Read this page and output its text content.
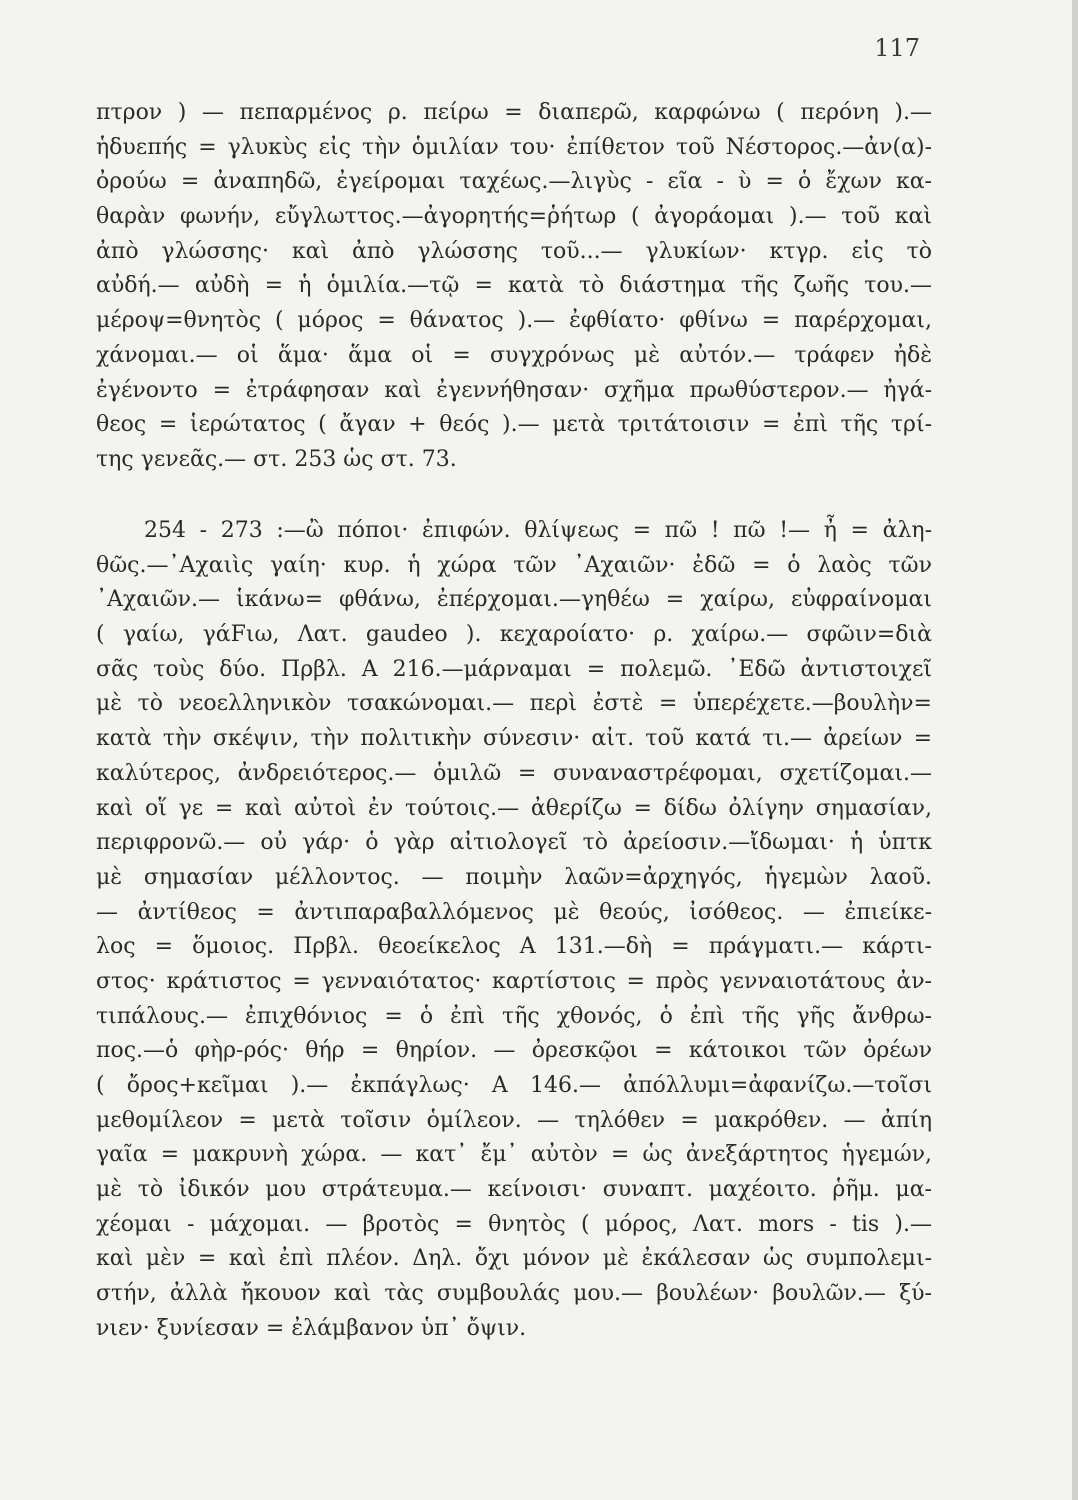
117
πτρον ) — πεπαρμένος ρ. πείρω = διαπερῶ, καρφώνω ( περόνη ).—
ἡδυεπής = γλυκὺς εἰς τὴν ὁμιλίαν του· ἐπίθετον τοῦ Νέστορος.—ἀν(α)-
ὀρούω = ἀναπηδῶ, ἐγείρομαι ταχέως.—λιγὺς - εῖα - ὺ = ὁ ἔχων κα-
θαρὰν φωνήν, εὔγλωττος.—ἀγορητής=ῥήτωρ ( ἀγοράομαι ).— τοῦ καὶ
ἀπὸ γλώσσης· καὶ ἀπὸ γλώσσης τοῦ...— γλυκίων· κτγρ. εἰς τὸ
αὐδή.— αὐδὴ = ἡ ὁμιλία.—τῷ = κατὰ τὸ διάστημα τῆς ζωῆς του.—
μέροψ=θνητὸς ( μόρος = θάνατος ).— ἐφθίατο· φθίνω = παρέρχομαι,
χάνομαι.— οἱ ἅμα· ἅμα οἱ = συγχρόνως μὲ αὐτόν.— τράφεν ἠδὲ
ἐγένοντο = ἐτράφησαν καὶ ἐγεννήθησαν· σχῆμα πρωθύστερον.— ἠγά-
θεος = ἱερώτατος ( ἄγαν + θεός ).— μετὰ τριτάτοισιν = ἐπὶ τῆς τρί-
της γενεᾶς.— στ. 253 ὡς στ. 73.
254 - 273 :—ὢ πόποι· ἐπιφών. θλίψεως = πῶ ! πῶ !— ἦ = ἀλη-
θῶς.—᾿Αχαιὶς γαίη· κυρ. ἡ χώρα τῶν ᾿Αχαιῶν· ἐδῶ = ὁ λαὸς τῶν
᾿Αχαιῶν.— ἱκάνω= φθάνω, ἐπέρχομαι.—γηθέω = χαίρω, εὐφραίνομαι
( γαίω, γάFιω, Λατ. gaudeo ). κεχαροίατο· ρ. χαίρω.— σφῶιν=διὰ
σᾶς τοὺς δύο. Πρβλ. Α 216.—μάρναμαι = πολεμῶ. ᾿Εδῶ ἀντιστοιχεῖ
μὲ τὸ νεοελληνικὸν τσακώνομαι.— περὶ ἐστὲ = ὑπερέχετε.—βουλὴν=
κατὰ τὴν σκέψιν, τὴν πολιτικὴν σύνεσιν· αἰτ. τοῦ κατά τι.— ἀρείων =
καλύτερος, ἀνδρειότερος.— ὁμιλῶ = συναναστρέφομαι, σχετίζομαι.—
καὶ οἵ γε = καὶ αὐτοὶ ἐν τούτοις.— ἀθερίζω = δίδω ὀλίγην σημασίαν,
περιφρονῶ.— οὐ γάρ· ὁ γὰρ αἰτιολογεῖ τὸ ἀρείοσιν.—ἴδωμαι· ἡ ὑπτκ
μὲ σημασίαν μέλλοντος. — ποιμὴν λαῶν=ἀρχηγός, ἡγεμὼν λαοῦ.
— ἀντίθεος = ἀντιπαραβαλλόμενος μὲ θεούς, ἰσόθεος. — ἐπιείκε-
λος = ὅμοιος. Πρβλ. θεοείκελος Α 131.—δὴ = πράγματι.— κάρτι-
στος· κράτιστος = γενναιότατος· καρτίστοις = πρὸς γενναιοτάτους ἀν-
τιπάλους.— ἐπιχθόνιος = ὁ ἐπὶ τῆς χθονός, ὁ ἐπὶ τῆς γῆς ἄνθρω-
πος.—ὁ φὴρ-ρός· θήρ = θηρίον. — ὀρεσκῷοι = κάτοικοι τῶν ὀρέων
( ὄρος+κεῖμαι ).— ἐκπάγλως· Α 146.— ἀπόλλυμι=ἀφανίζω.—τοῖσι
μεθομίλεον = μετὰ τοῖσιν ὁμίλεον. — τηλόθεν = μακρόθεν. — ἀπίη
γαῖα = μακρυνὴ χώρα. — κατ᾿ ἔμ᾿ αὐτὸν = ὡς ἀνεξάρτητος ἡγεμών,
μὲ τὸ ἰδικόν μου στράτευμα.— κείνοισι· συναπτ. μαχέοιτο. ῥῆμ. μα-
χέομαι - μάχομαι. — βροτὸς = θνητὸς ( μόρος, Λατ. mors - tis ).—
καὶ μὲν = καὶ ἐπὶ πλέον. Δηλ. ὄχι μόνον μὲ ἐκάλεσαν ὡς συμπολεμι-
στήν, ἀλλὰ ἤκουον καὶ τὰς συμβουλάς μου.— βουλέων· βουλῶν.— ξύ-
νιεν· ξυνίεσαν = ἐλάμβανον ὑπ᾿ ὄψιν.
